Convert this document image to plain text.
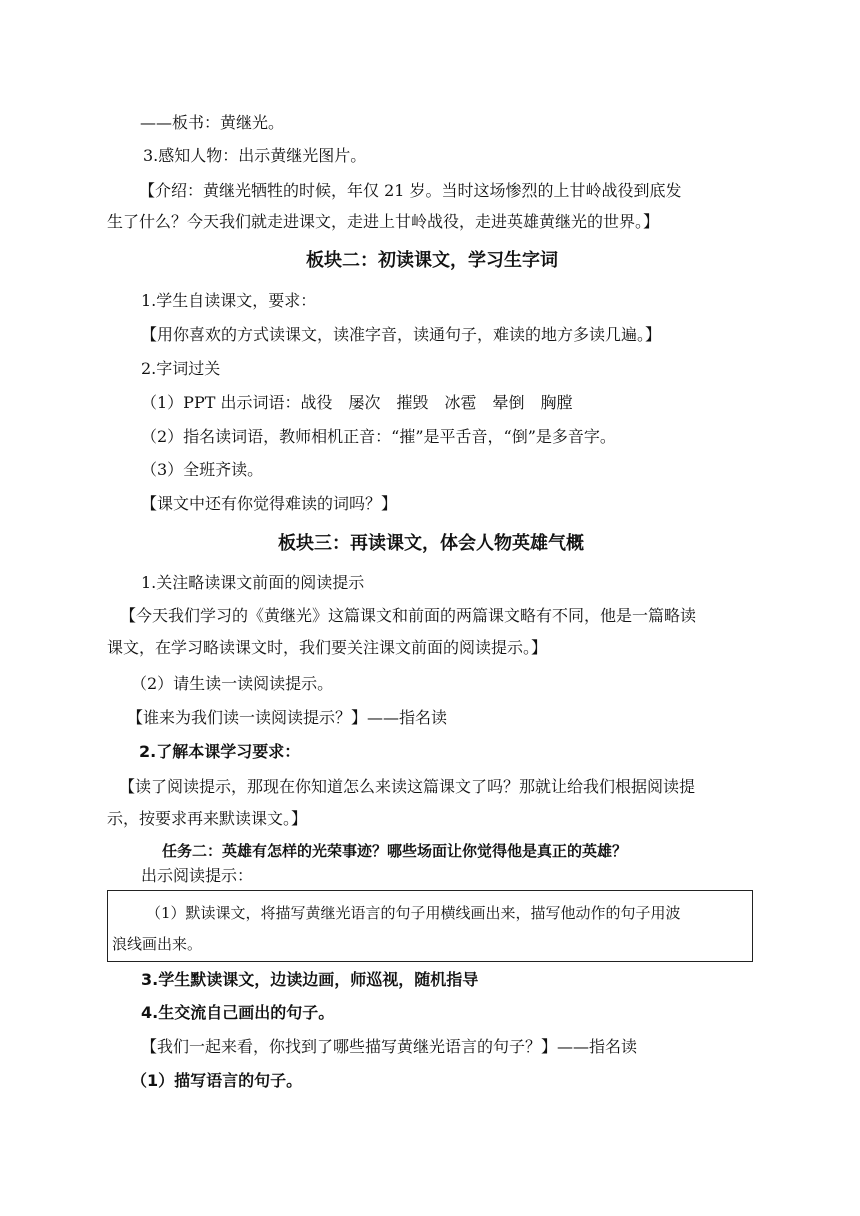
——板书：黄继光。
3.感知人物：出示黄继光图片。
【介绍：黄继光牺牲的时候，年仅 21 岁。当时这场惨烈的上甘岭战役到底发
生了什么？今天我们就走进课文，走进上甘岭战役，走进英雄黄继光的世界。】
板块二：初读课文，学习生字词
1.学生自读课文，要求：
【用你喜欢的方式读课文，读准字音，读通句子，难读的地方多读几遍。】
2.字词过关
（1）PPT 出示词语：战役　屡次　摧毁　冰雹　晕倒　胸膛
（2）指名读词语，教师相机正音：“摧”是平舌音，“倒”是多音字。
（3）全班齐读。
【课文中还有你觉得难读的词吗？】
板块三：再读课文，体会人物英雄气概
1.关注略读课文前面的阅读提示
【今天我们学习的《黄继光》这篇课文和前面的两篇课文略有不同，他是一篇略读
课文，在学习略读课文时，我们要关注课文前面的阅读提示。】
（2）请生读一读阅读提示。
【谁来为我们读一读阅读提示？】——指名读
2.了解本课学习要求：
【读了阅读提示，那现在你知道怎么来读这篇课文了吗？那就让给我们根据阅读提
示，按要求再来默读课文。】
任务二：英雄有怎样的光荣事迹？哪些场面让你觉得他是真正的英雄？
出示阅读提示：
（1）默读课文，将描写黄继光语言的句子用横线画出来，描写他动作的句子用波
浪线画出来。
3.学生默读课文，边读边画，师巡视，随机指导
4.生交流自己画出的句子。
【我们一起来看，你找到了哪些描写黄继光语言的句子？】——指名读
（1）描写语言的句子。
